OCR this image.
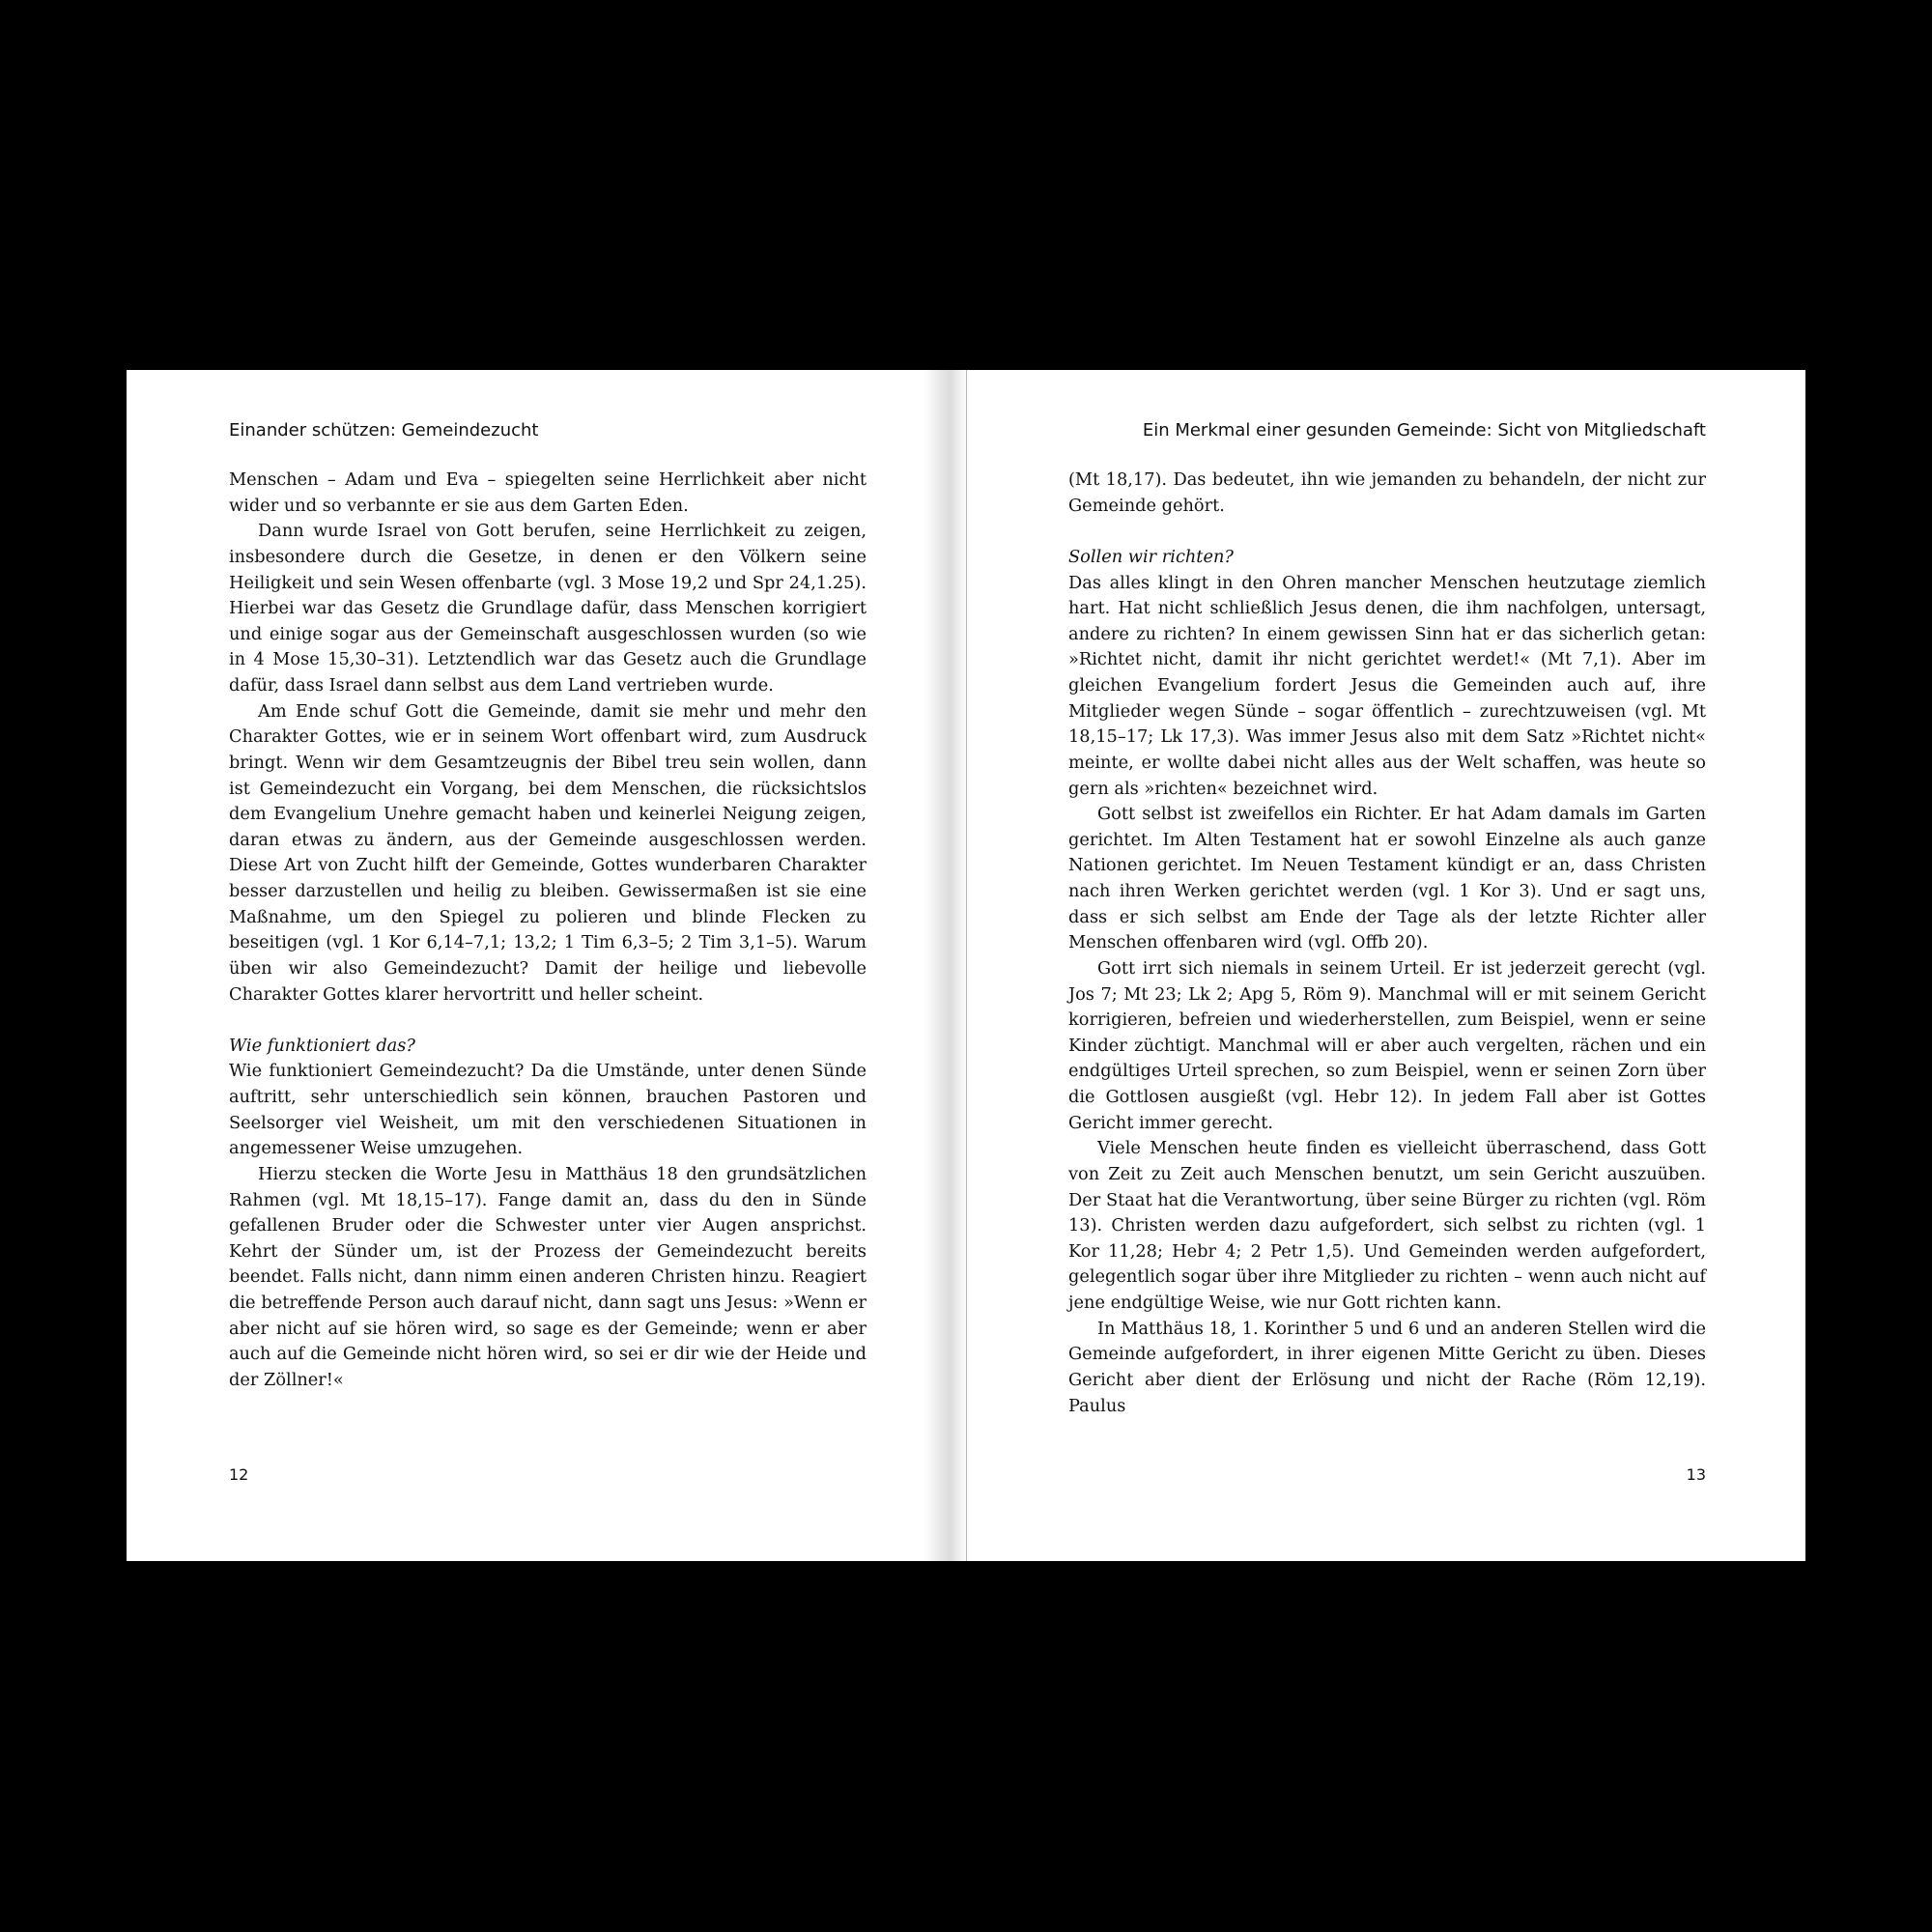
Einander schützen: Gemeindezucht

Menschen – Adam und Eva – spiegelten seine Herrlichkeit aber nicht wider und so verbannte er sie aus dem Garten Eden.

Dann wurde Israel von Gott berufen, seine Herrlichkeit zu zeigen, insbesondere durch die Gesetze, in denen er den Völkern seine Heiligkeit und sein Wesen offenbarte (vgl. 3 Mose 19,2 und Spr 24,1.25). Hierbei war das Gesetz die Grundlage dafür, dass Menschen korrigiert und einige sogar aus der Gemeinschaft ausgeschlossen wurden (so wie in 4 Mose 15,30–31). Letztendlich war das Gesetz auch die Grundlage dafür, dass Israel dann selbst aus dem Land vertrieben wurde.

Am Ende schuf Gott die Gemeinde, damit sie mehr und mehr den Charakter Gottes, wie er in seinem Wort offenbart wird, zum Ausdruck bringt. Wenn wir dem Gesamtzeugnis der Bibel treu sein wollen, dann ist Gemeindezucht ein Vorgang, bei dem Menschen, die rücksichtslos dem Evangelium Unehre gemacht haben und keinerlei Neigung zeigen, daran etwas zu ändern, aus der Gemeinde ausgeschlossen werden. Diese Art von Zucht hilft der Gemeinde, Gottes wunderbaren Charakter besser darzustellen und heilig zu bleiben. Gewissermaßen ist sie eine Maßnahme, um den Spiegel zu polieren und blinde Flecken zu beseitigen (vgl. 1 Kor 6,14–7,1; 13,2; 1 Tim 6,3–5; 2 Tim 3,1–5). Warum üben wir also Gemeindezucht? Damit der heilige und liebevolle Charakter Gottes klarer hervortritt und heller scheint.

Wie funktioniert das?

Wie funktioniert Gemeindezucht? Da die Umstände, unter denen Sünde auftritt, sehr unterschiedlich sein können, brauchen Pastoren und Seelsorger viel Weisheit, um mit den verschiedenen Situationen in angemessener Weise umzugehen.

Hierzu stecken die Worte Jesu in Matthäus 18 den grundsätzlichen Rahmen (vgl. Mt 18,15–17). Fange damit an, dass du den in Sünde gefallenen Bruder oder die Schwester unter vier Augen ansprichst. Kehrt der Sünder um, ist der Prozess der Gemeindezucht bereits beendet. Falls nicht, dann nimm einen anderen Christen hinzu. Reagiert die betreffende Person auch darauf nicht, dann sagt uns Jesus: »Wenn er aber nicht auf sie hören wird, so sage es der Gemeinde; wenn er aber auch auf die Gemeinde nicht hören wird, so sei er dir wie der Heide und der Zöllner!«

12
Ein Merkmal einer gesunden Gemeinde: Sicht von Mitgliedschaft

(Mt 18,17). Das bedeutet, ihn wie jemanden zu behandeln, der nicht zur Gemeinde gehört.

Sollen wir richten?

Das alles klingt in den Ohren mancher Menschen heutzutage ziemlich hart. Hat nicht schließlich Jesus denen, die ihm nachfolgen, untersagt, andere zu richten? In einem gewissen Sinn hat er das sicherlich getan: »Richtet nicht, damit ihr nicht gerichtet werdet!« (Mt 7,1). Aber im gleichen Evangelium fordert Jesus die Gemeinden auch auf, ihre Mitglieder wegen Sünde – sogar öffentlich – zurechtzuweisen (vgl. Mt 18,15–17; Lk 17,3). Was immer Jesus also mit dem Satz »Richtet nicht« meinte, er wollte dabei nicht alles aus der Welt schaffen, was heute so gern als »richten« bezeichnet wird.

Gott selbst ist zweifellos ein Richter. Er hat Adam damals im Garten gerichtet. Im Alten Testament hat er sowohl Einzelne als auch ganze Nationen gerichtet. Im Neuen Testament kündigt er an, dass Christen nach ihren Werken gerichtet werden (vgl. 1 Kor 3). Und er sagt uns, dass er sich selbst am Ende der Tage als der letzte Richter aller Menschen offenbaren wird (vgl. Offb 20).

Gott irrt sich niemals in seinem Urteil. Er ist jederzeit gerecht (vgl. Jos 7; Mt 23; Lk 2; Apg 5, Röm 9). Manchmal will er mit seinem Gericht korrigieren, befreien und wiederherstellen, zum Beispiel, wenn er seine Kinder züchtigt. Manchmal will er aber auch vergelten, rächen und ein endgültiges Urteil sprechen, so zum Beispiel, wenn er seinen Zorn über die Gottlosen ausgießt (vgl. Hebr 12). In jedem Fall aber ist Gottes Gericht immer gerecht.

Viele Menschen heute finden es vielleicht überraschend, dass Gott von Zeit zu Zeit auch Menschen benutzt, um sein Gericht auszuüben. Der Staat hat die Verantwortung, über seine Bürger zu richten (vgl. Röm 13). Christen werden dazu aufgefordert, sich selbst zu richten (vgl. 1 Kor 11,28; Hebr 4; 2 Petr 1,5). Und Gemeinden werden aufgefordert, gelegentlich sogar über ihre Mitglieder zu richten – wenn auch nicht auf jene endgültige Weise, wie nur Gott richten kann.

In Matthäus 18, 1. Korinther 5 und 6 und an anderen Stellen wird die Gemeinde aufgefordert, in ihrer eigenen Mitte Gericht zu üben. Dieses Gericht aber dient der Erlösung und nicht der Rache (Röm 12,19). Paulus

13
